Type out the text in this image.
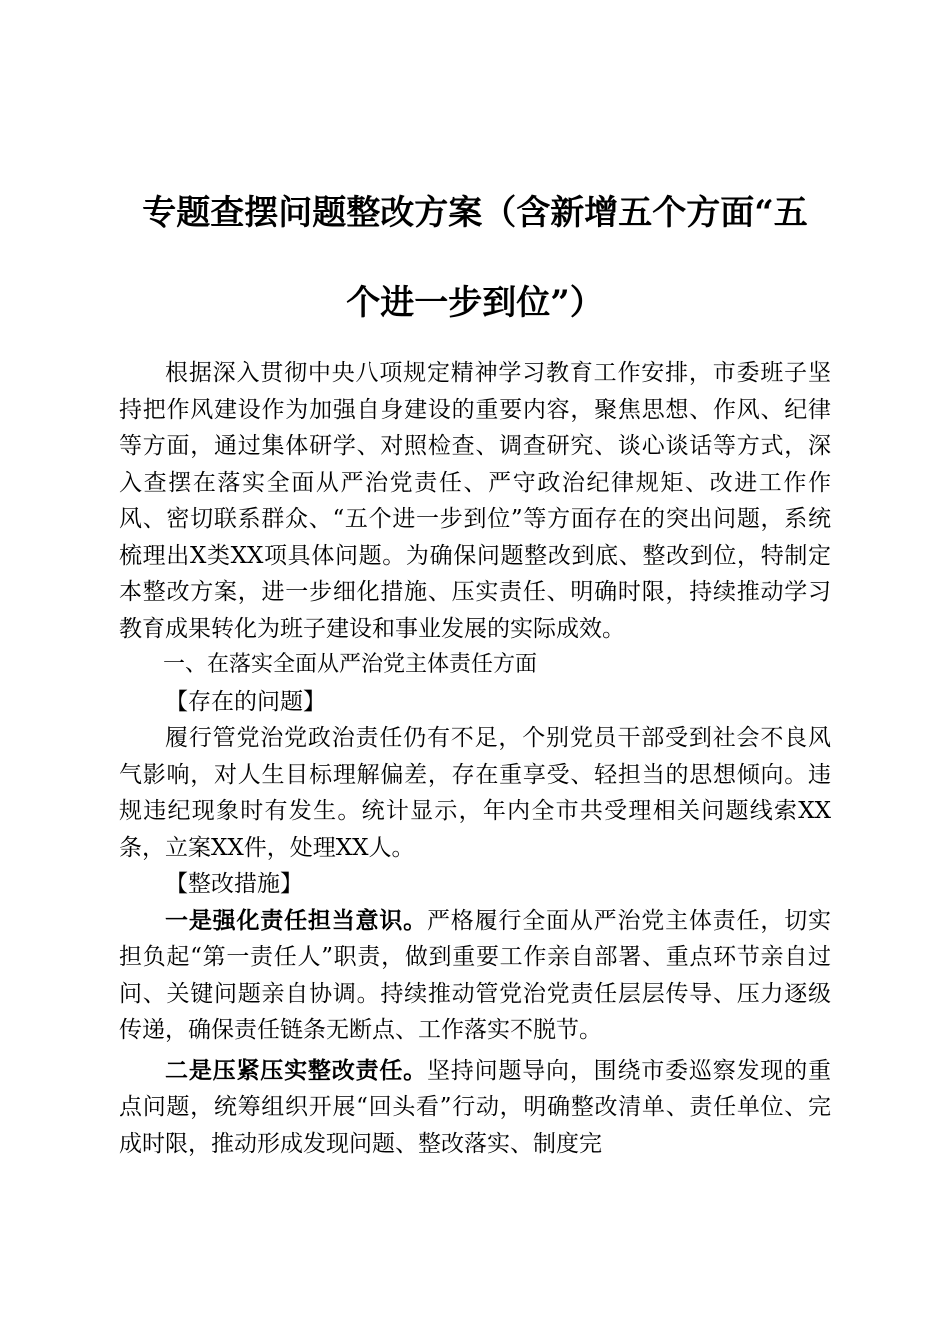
专题查摆问题整改方案（含新增五个方面“五
个进一步到位”）

根据深入贯彻中央八项规定精神学习教育工作安排，市委班子坚持把作风建设作为加强自身建设的重要内容，聚焦思想、作风、纪律等方面，通过集体研学、对照检查、调查研究、谈心谈话等方式，深入查摆在落实全面从严治党责任、严守政治纪律规矩、改进工作作风、密切联系群众、“五个进一步到位”等方面存在的突出问题，系统梳理出X类XX项具体问题。为确保问题整改到底、整改到位，特制定本整改方案，进一步细化措施、压实责任、明确时限，持续推动学习教育成果转化为班子建设和事业发展的实际成效。

一、在落实全面从严治党主体责任方面

【存在的问题】

履行管党治党政治责任仍有不足，个别党员干部受到社会不良风气影响，对人生目标理解偏差，存在重享受、轻担当的思想倾向。违规违纪现象时有发生。统计显示，年内全市共受理相关问题线索XX条，立案XX件，处理XX人。

【整改措施】

一是强化责任担当意识。严格履行全面从严治党主体责任，切实担负起“第一责任人”职责，做到重要工作亲自部署、重点环节亲自过问、关键问题亲自协调。持续推动管党治党责任层层传导、压力逐级传递，确保责任链条无断点、工作落实不脱节。

二是压紧压实整改责任。坚持问题导向，围绕市委巡察发现的重点问题，统筹组织开展“回头看”行动，明确整改清单、责任单位、完成时限，推动形成发现问题、整改落实、制度完
